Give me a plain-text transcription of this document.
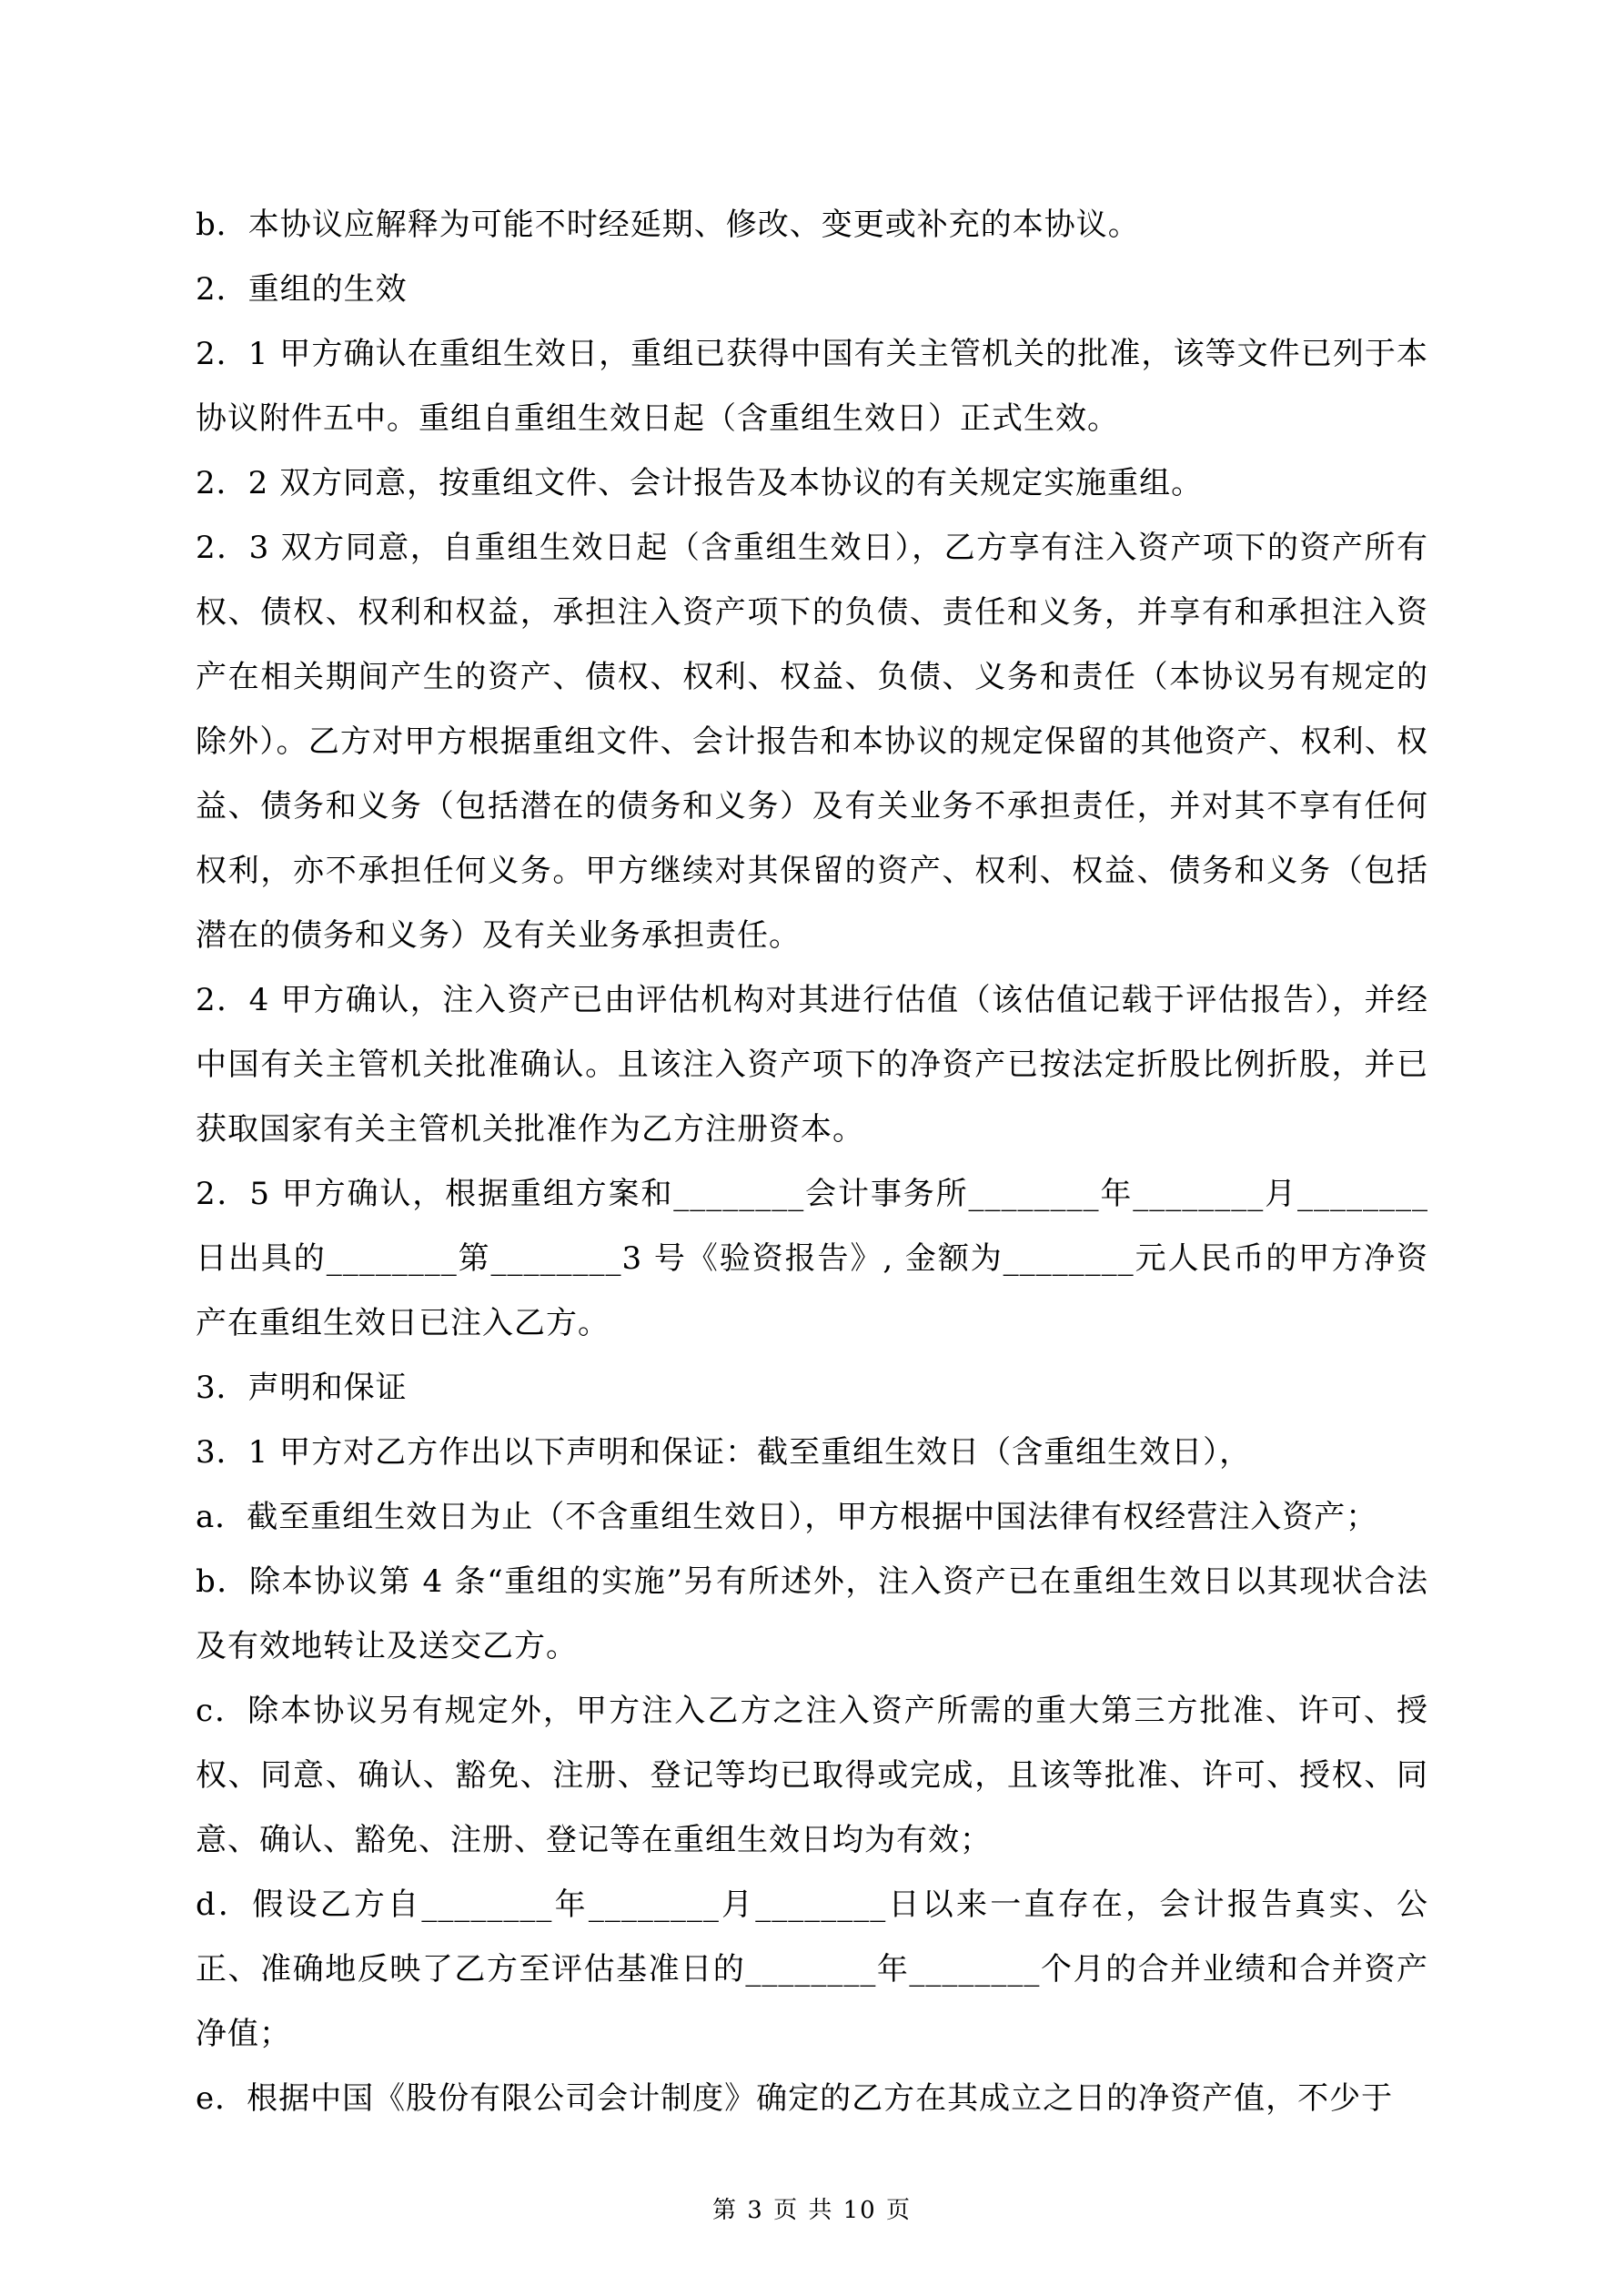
b．本协议应解释为可能不时经延期、修改、变更或补充的本协议。

2．重组的生效

2．1 甲方确认在重组生效日，重组已获得中国有关主管机关的批准，该等文件已列于本协议附件五中。重组自重组生效日起（含重组生效日）正式生效。

2．2 双方同意，按重组文件、会计报告及本协议的有关规定实施重组。

2．3 双方同意，自重组生效日起（含重组生效日），乙方享有注入资产项下的资产所有权、债权、权利和权益，承担注入资产项下的负债、责任和义务，并享有和承担注入资产在相关期间产生的资产、债权、权利、权益、负债、义务和责任（本协议另有规定的除外）。乙方对甲方根据重组文件、会计报告和本协议的规定保留的其他资产、权利、权益、债务和义务（包括潜在的债务和义务）及有关业务不承担责任，并对其不享有任何权利，亦不承担任何义务。甲方继续对其保留的资产、权利、权益、债务和义务（包括潜在的债务和义务）及有关业务承担责任。

2．4 甲方确认，注入资产已由评估机构对其进行估值（该估值记载于评估报告），并经中国有关主管机关批准确认。且该注入资产项下的净资产已按法定折股比例折股，并已获取国家有关主管机关批准作为乙方注册资本。

2．5 甲方确认，根据重组方案和________会计事务所________年________月________日出具的________第________3 号《验资报告》, 金额为________元人民币的甲方净资产在重组生效日已注入乙方。

3．声明和保证

3．1 甲方对乙方作出以下声明和保证：截至重组生效日（含重组生效日），

a．截至重组生效日为止（不含重组生效日），甲方根据中国法律有权经营注入资产；

b．除本协议第 4 条“重组的实施”另有所述外，注入资产已在重组生效日以其现状合法及有效地转让及送交乙方。

c．除本协议另有规定外，甲方注入乙方之注入资产所需的重大第三方批准、许可、授权、同意、确认、豁免、注册、登记等均已取得或完成，且该等批准、许可、授权、同意、确认、豁免、注册、登记等在重组生效日均为有效；

d．假设乙方自________年________月________日以来一直存在，会计报告真实、公正、准确地反映了乙方至评估基准日的________年________个月的合并业绩和合并资产净值；

e．根据中国《股份有限公司会计制度》确定的乙方在其成立之日的净资产值，不少于

第 3 页 共 10 页
